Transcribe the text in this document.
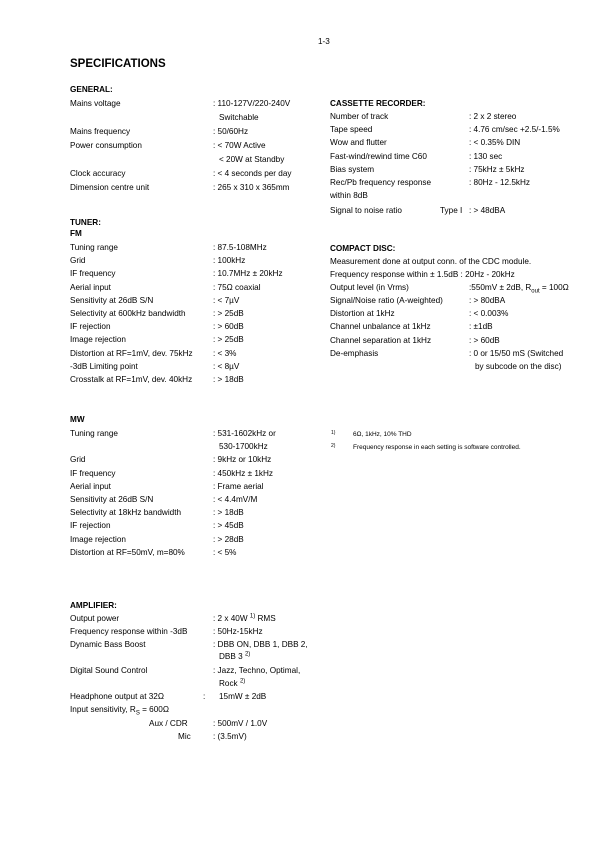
1-3
SPECIFICATIONS
GENERAL:
TUNER:
FM
MW
AMPLIFIER:
Output power	: 2 x 40W $^{1)}$ RMS
Frequency response within -3dB	: 50Hz-15kHz
Dynamic Bass Boost	: DBB ON, DBB 1, DBB 2,
DBB 3 $^{2)}$
Digital Sound Control	: Jazz, Techno, Optimal,
Rock $^{2)}$
Headphone output at 32Ω	: 15mW ± 2dB
Input sensitivity, $R_S = 600\Omega$
Aux / CDR	: 500mV / 1.0V
Mic	: (3.5mV)
CASSETTE RECORDER:
Signal to noise ratio	Type I : > 48dBA
COMPACT DISC:
Measurement done at output conn. of the CDC module.
Frequency response within ± 1.5dB : 20Hz - 20kHz
Output level (in Vrms)	:550mV ± 2dB, $R_{out} = 100\Omega$
1)	6Ω, 1kHz, 10% THD
2)	Frequency response in each setting is software controlled.
Mains voltage	: 110-127V/220-240V
Switchable
Mains frequency	: 50/60Hz
Power consumption	: < 70W Active
< 20W at Standby
Clock accuracy	: < 4 seconds per day
Dimension centre unit	: 265 x 310 x 365mm
Tuning range	: 87.5-108MHz
Grid	: 100kHz
IF frequency	: 10.7MHz ± 20kHz
Aerial input	: 75Ω coaxial
Sensitivity at 26dB S/N	: < 7µV
Selectivity at 600kHz bandwidth	: > 25dB
IF rejection	: > 60dB
Image rejection	: > 25dB
Distortion at RF=1mV, dev. 75kHz : < 3%
-3dB Limiting point	: < 8µV
Crosstalk at RF=1mV, dev. 40kHz	: > 18dB
Tuning range	: 531-1602kHz or
530-1700kHz
Grid	: 9kHz or 10kHz
IF frequency	: 450kHz ± 1kHz
Aerial input	: Frame aerial
Sensitivity at 26dB S/N	: < 4.4mV/M
Selectivity at 18kHz bandwidth	: > 18dB
IF rejection	: > 45dB
Image rejection	: > 28dB
Distortion at RF=50mV, m=80%	: < 5%
Number of track	: 2 x 2 stereo
Tape speed	: 4.76 cm/sec +2.5/-1.5%
Wow and flutter	: < 0.35% DIN
Fast-wind/rewind time C60	: 130 sec
Bias system	: 75kHz ± 5kHz
Rec/Pb frequency response	: 80Hz - 12.5kHz
within 8dB
Signal/Noise ratio (A-weighted)	: > 80dBA
Distortion at 1kHz	: < 0.003%
Channel unbalance at 1kHz	: ±1dB
Channel separation at 1kHz	: > 60dB
De-emphasis	: 0 or 15/50 mS (Switched
by subcode on the disc)
